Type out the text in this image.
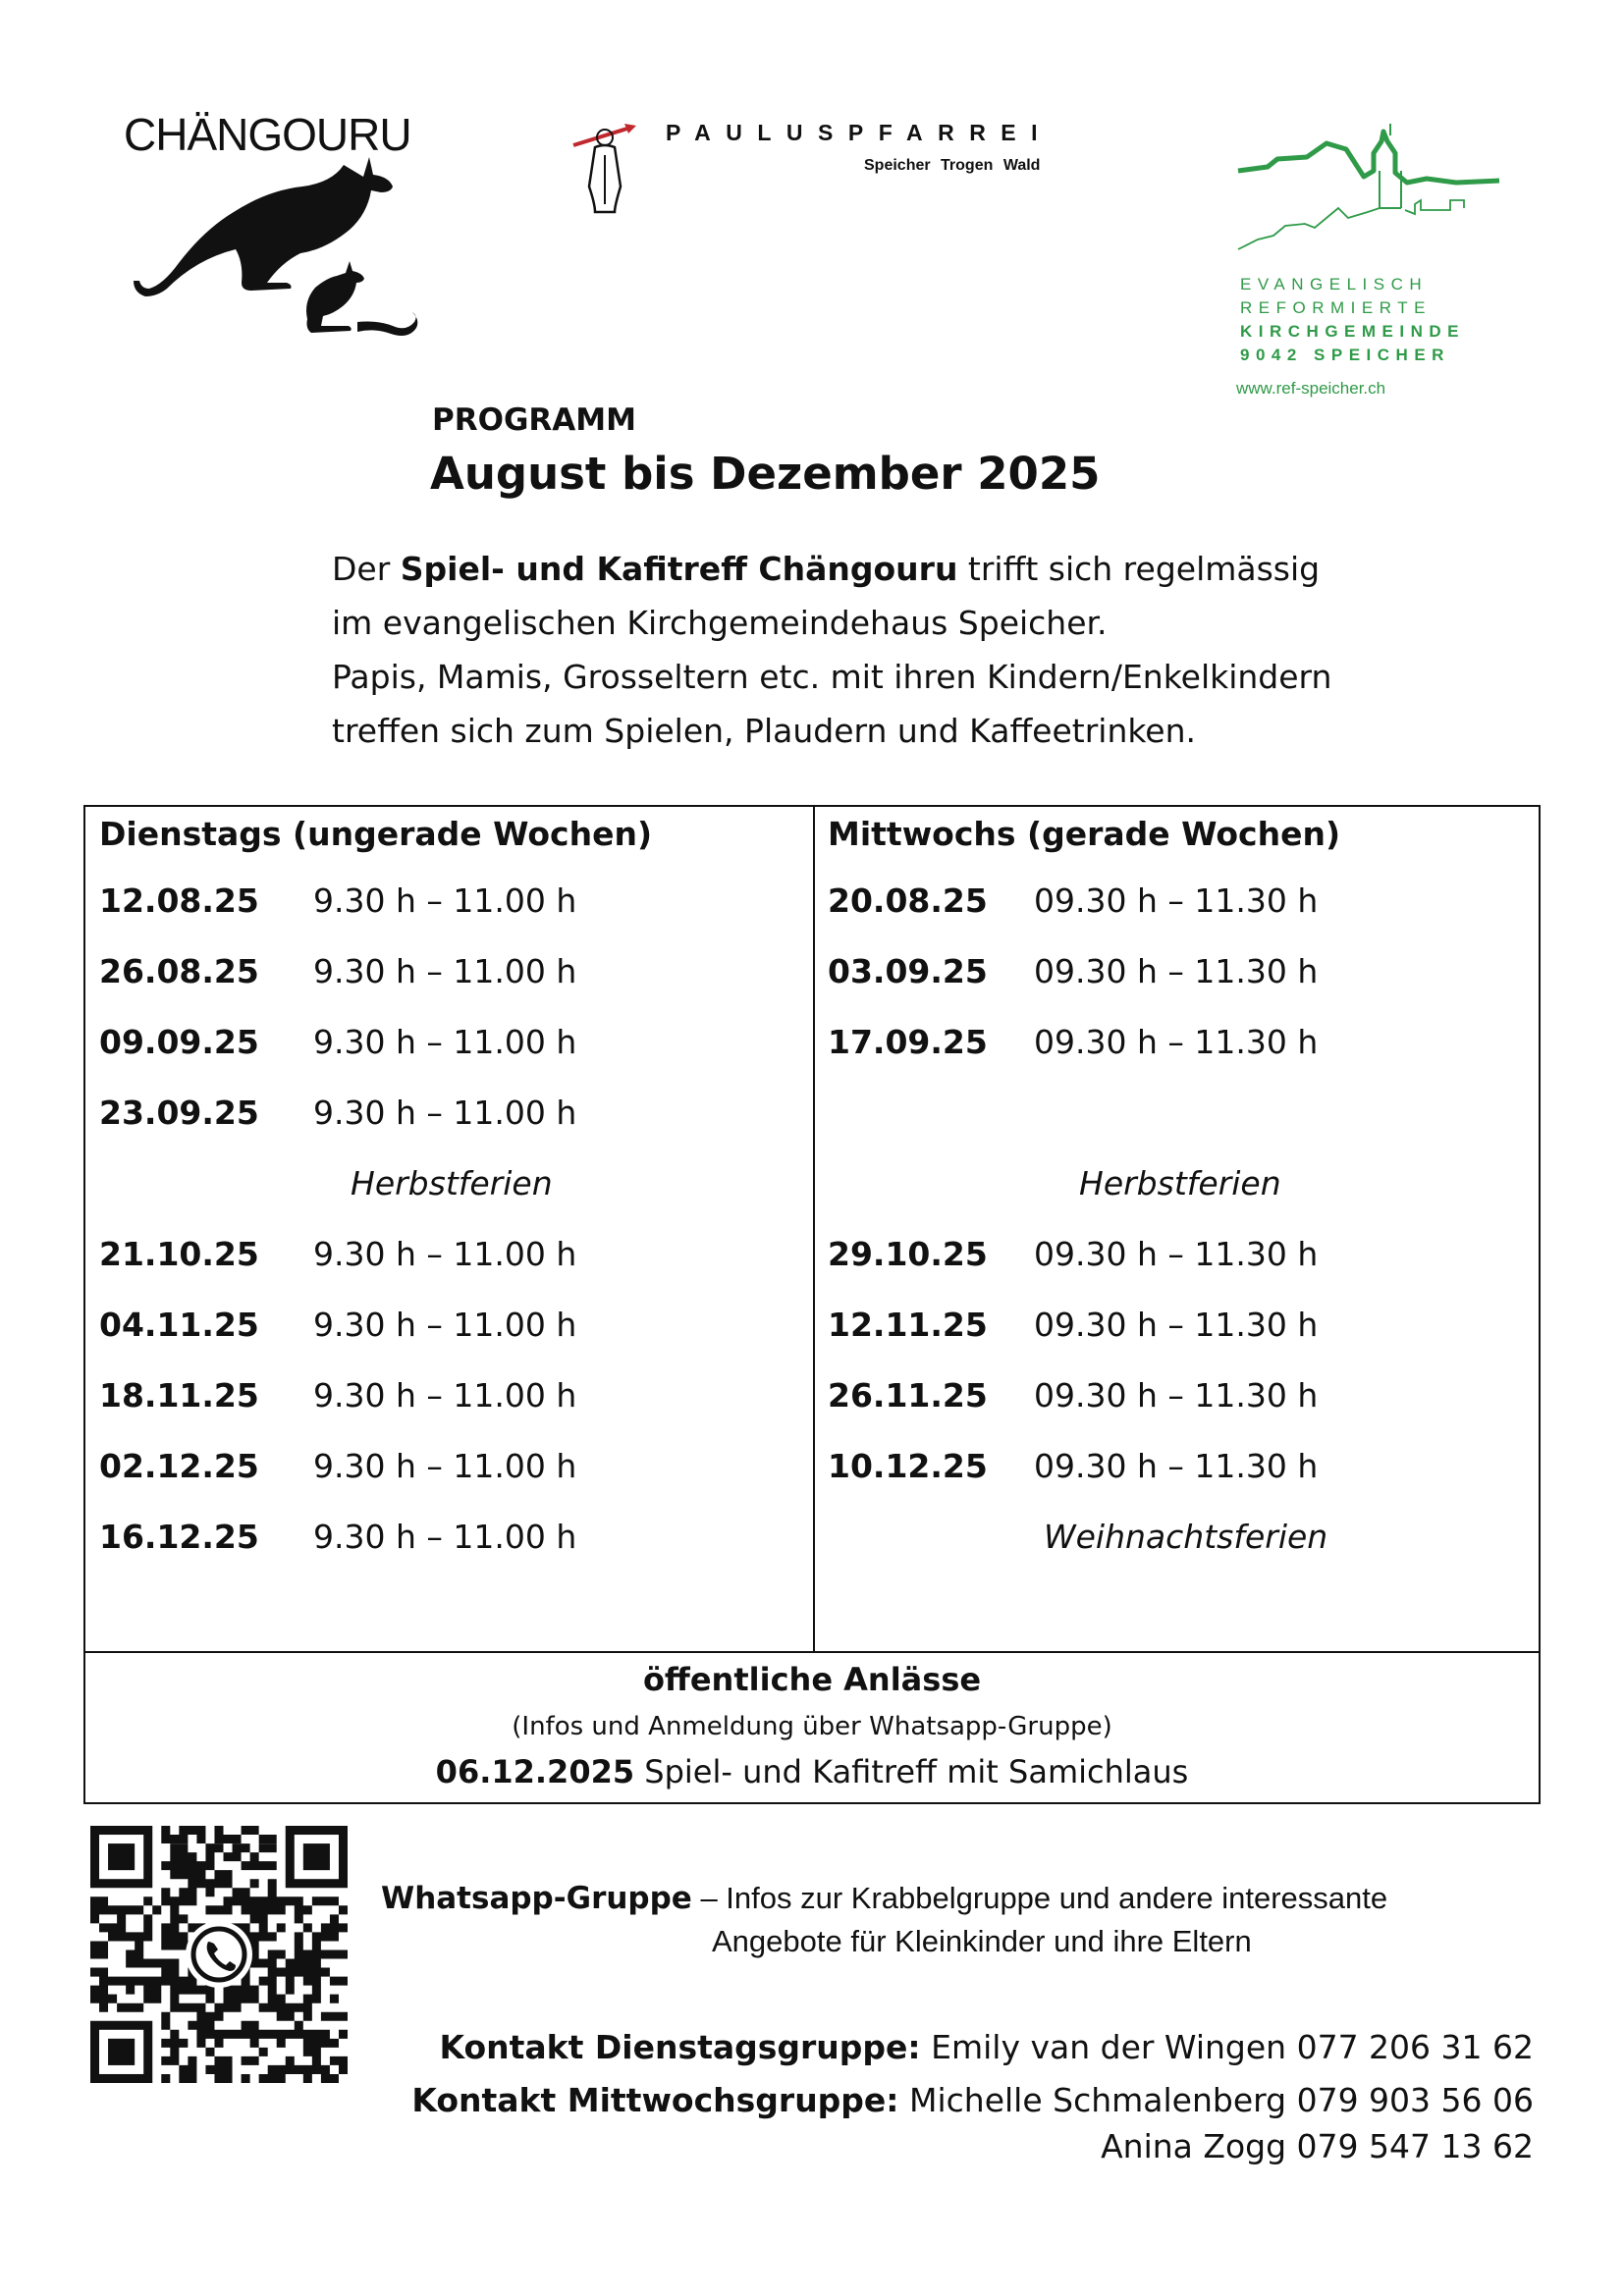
CHÄNGOURU	PAULUSPFARREI
Speicher Trogen Wald
EVANGELISCH
REFORMIERTE
KIRCHGEMEINDE
9042 SPEICHER
www.ref-speicher.ch
PROGRAMM
August bis Dezember 2025
Der Spiel- und Kafitreff Chängouru trifft sich regelmässig
im evangelischen Kirchgemeindehaus Speicher.
Papis, Mamis, Grosseltern etc. mit ihren Kindern/Enkelkindern
treffen sich zum Spielen, Plaudern und Kaffeetrinken.
Dienstags (ungerade Wochen)	Mittwochs (gerade Wochen)
12.08.25 9.30 h – 11.00 h
26.08.25 9.30 h – 11.00 h
09.09.25 9.30 h – 11.00 h
23.09.25 9.30 h – 11.00 h
Herbstferien
21.10.25 9.30 h – 11.00 h
04.11.25 9.30 h – 11.00 h
18.11.25 9.30 h – 11.00 h
02.12.25 9.30 h – 11.00 h
16.12.25 9.30 h – 11.00 h
20.08.25 09.30 h – 11.30 h
03.09.25 09.30 h – 11.30 h
17.09.25 09.30 h – 11.30 h
Herbstferien
29.10.25 09.30 h – 11.30 h
12.11.25 09.30 h – 11.30 h
26.11.25 09.30 h – 11.30 h
10.12.25 09.30 h – 11.30 h
Weihnachtsferien
öffentliche Anlässe
(Infos und Anmeldung über Whatsapp-Gruppe)
06.12.2025 Spiel- und Kafitreff mit Samichlaus
Whatsapp-Gruppe – Infos zur Krabbelgruppe und andere interessante
Angebote für Kleinkinder und ihre Eltern
Kontakt Dienstagsgruppe: Emily van der Wingen 077 206 31 62
Kontakt Mittwochsgruppe: Michelle Schmalenberg 079 903 56 06
Anina Zogg 079 547 13 62
